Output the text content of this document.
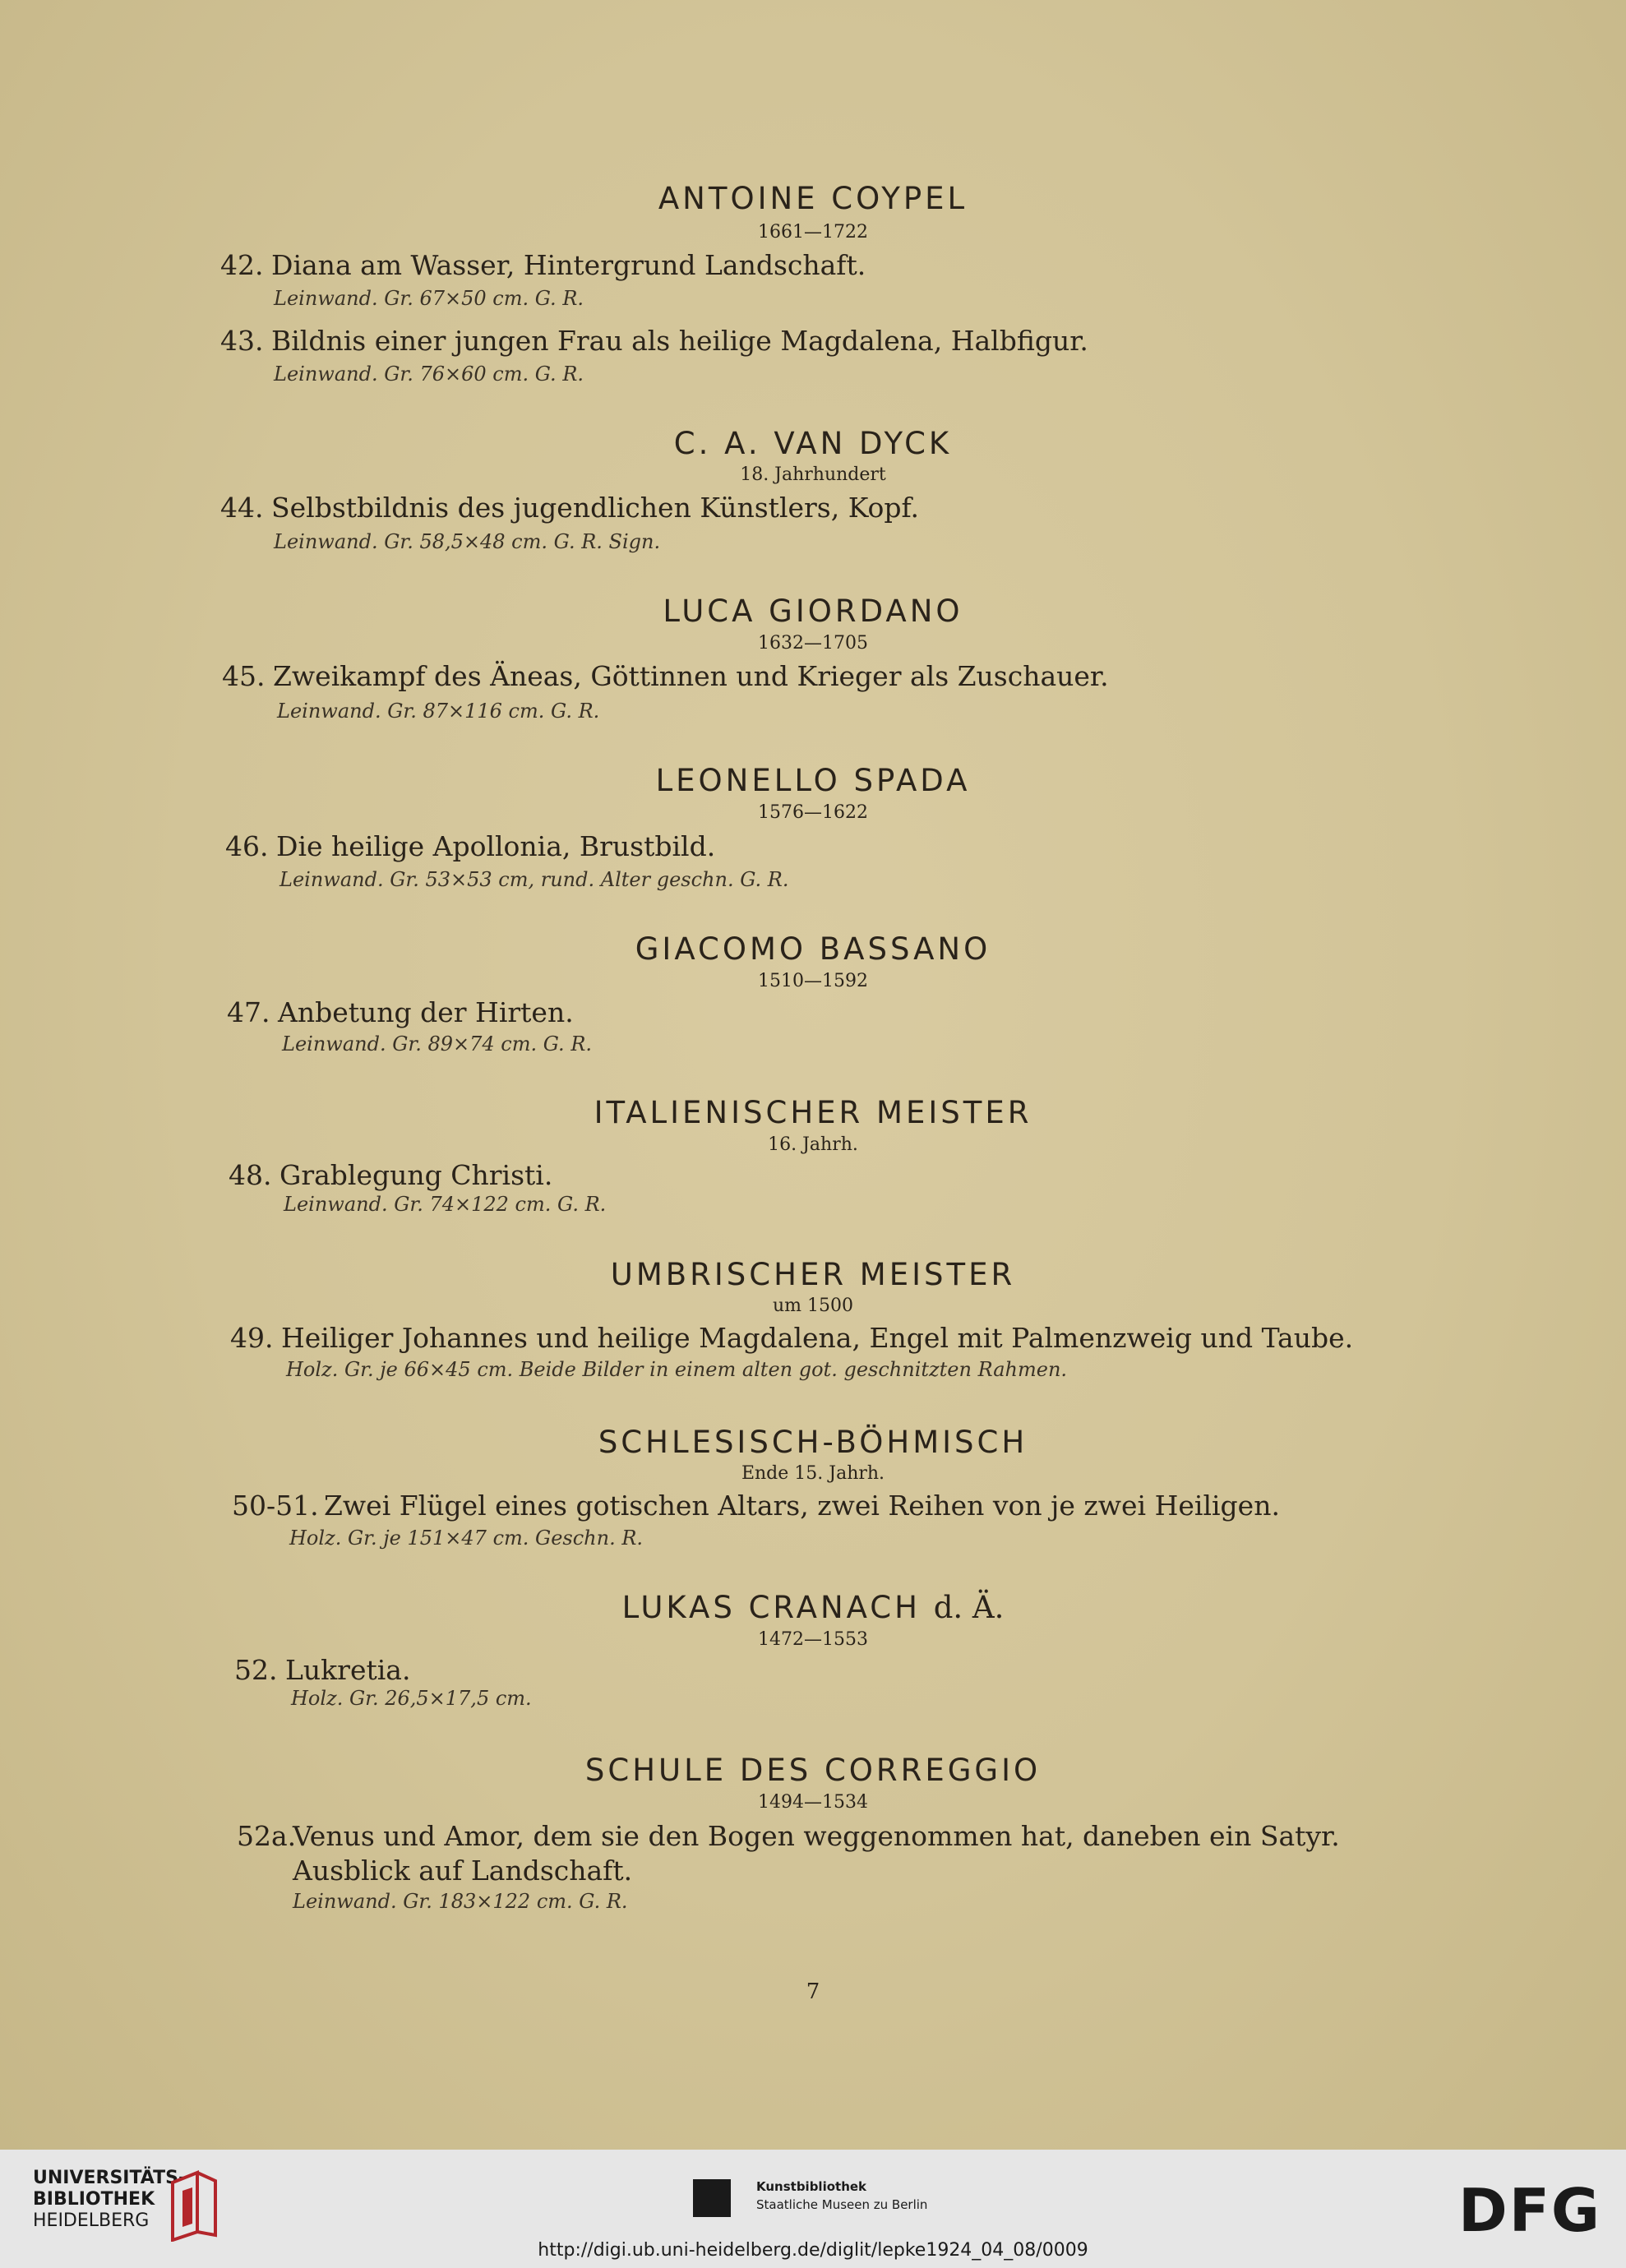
ANTOINE COYPEL
1661—1722
42. Diana am Wasser, Hintergrund Landschaft.
Leinwand. Gr. 67×50 cm. G. R.
43. Bildnis einer jungen Frau als heilige Magdalena, Halbfigur.
Leinwand. Gr. 76×60 cm. G. R.
C. A. VAN DYCK
18. Jahrhundert
44. Selbstbildnis des jugendlichen Künstlers, Kopf.
Leinwand. Gr. 58,5×48 cm. G. R. Sign.
LUCA GIORDANO
1632—1705
45. Zweikampf des Äneas, Göttinnen und Krieger als Zuschauer.
Leinwand. Gr. 87×116 cm. G. R.
LEONELLO SPADA
1576—1622
46. Die heilige Apollonia, Brustbild.
Leinwand. Gr. 53×53 cm, rund. Alter geschn. G. R.
GIACOMO BASSANO
1510—1592
47. Anbetung der Hirten.
Leinwand. Gr. 89×74 cm. G. R.
ITALIENISCHER MEISTER
16. Jahrh.
48. Grablegung Christi.
Leinwand. Gr. 74×122 cm. G. R.
UMBRISCHER MEISTER
um 1500
49. Heiliger Johannes und heilige Magdalena, Engel mit Palmenzweig und Taube.
Holz. Gr. je 66×45 cm. Beide Bilder in einem alten got. geschnitzten Rahmen.
SCHLESISCH-BÖHMISCH
Ende 15. Jahrh.
50-51. Zwei Flügel eines gotischen Altars, zwei Reihen von je zwei Heiligen.
Holz. Gr. je 151×47 cm. Geschn. R.
LUKAS CRANACH d. Ä.
1472—1553
52. Lukretia.
Holz. Gr. 26,5×17,5 cm.
SCHULE DES CORREGGIO
1494—1534
52a.Venus und Amor, dem sie den Bogen weggenommen hat, daneben ein Satyr.
Ausblick auf Landschaft.
Leinwand. Gr. 183×122 cm. G. R.
7
UNIVERSITÄTS-
BIBLIOTHEK
HEIDELBERG
Kunstbibliothek
Staatliche Museen zu Berlin	DFG
http://digi.ub.uni-heidelberg.de/diglit/lepke1924_04_08/0009
